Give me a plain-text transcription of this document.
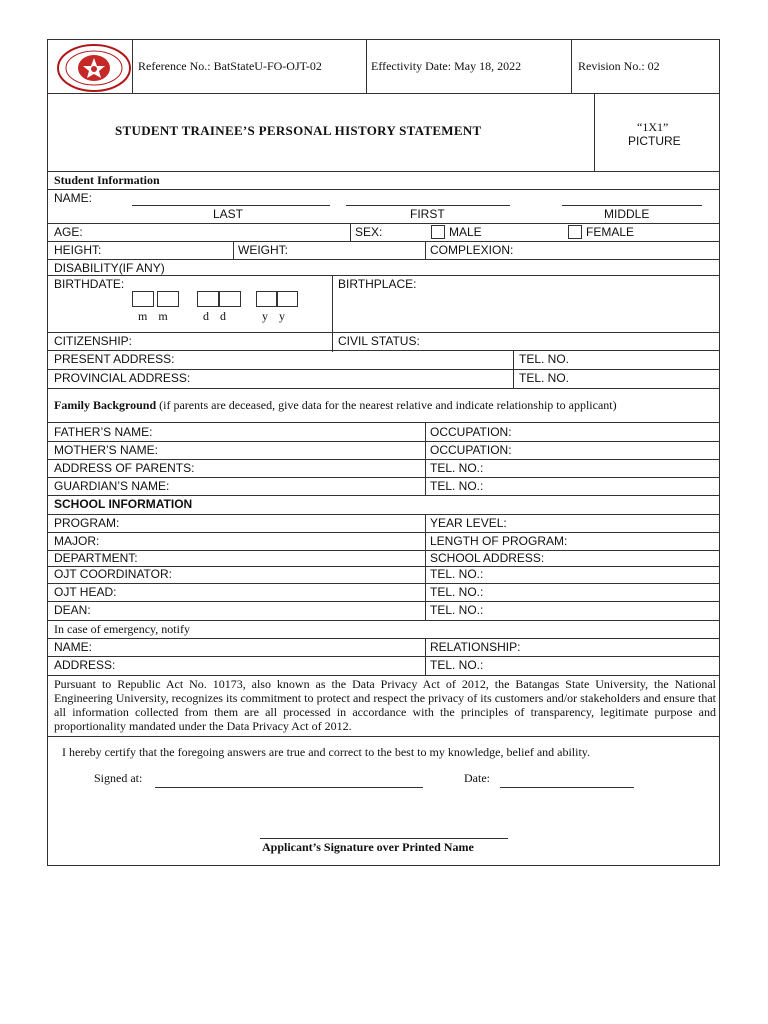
Reference No.: BatStateU-FO-OJT-02	Effectivity Date: May 18, 2022	Revision No.: 02
STUDENT TRAINEE’S PERSONAL HISTORY STATEMENT	“1X1”
PICTURE
Student Information
NAME:
LAST	FIRST	MIDDLE
AGE:	SEX:	MALE	FEMALE
HEIGHT:	WEIGHT:	COMPLEXION:
DISABILITY(IF ANY)
BIRTHDATE:
m m	d d	y y
BIRTHPLACE:
CITIZENSHIP:	CIVIL STATUS:
PRESENT ADDRESS:	TEL. NO.
PROVINCIAL ADDRESS:	TEL. NO.
Family Background (if parents are deceased, give data for the nearest relative and indicate relationship to applicant)
FATHER’S NAME:	OCCUPATION:
MOTHER’S NAME:	OCCUPATION:
ADDRESS OF PARENTS:	TEL. NO.:
GUARDIAN’S NAME:	TEL. NO.:
SCHOOL INFORMATION
PROGRAM:	YEAR LEVEL:
MAJOR:	LENGTH OF PROGRAM:
DEPARTMENT:	SCHOOL ADDRESS:
OJT COORDINATOR:	TEL. NO.:
OJT HEAD:	TEL. NO.:
DEAN:	TEL. NO.:
In case of emergency, notify
NAME:	RELATIONSHIP:
ADDRESS:	TEL. NO.:
Pursuant to Republic Act No. 10173, also known as the Data Privacy Act of 2012, the Batangas State University, the National Engineering University, recognizes its commitment to protect and respect the privacy of its customers and/or stakeholders and ensure that all information collected from them are all processed in accordance with the principles of transparency, legitimate purpose and proportionality mandated under the Data Privacy Act of 2012.
I hereby certify that the foregoing answers are true and correct to the best to my knowledge, belief and ability.
Signed at:	Date:
Applicant’s Signature over Printed Name
